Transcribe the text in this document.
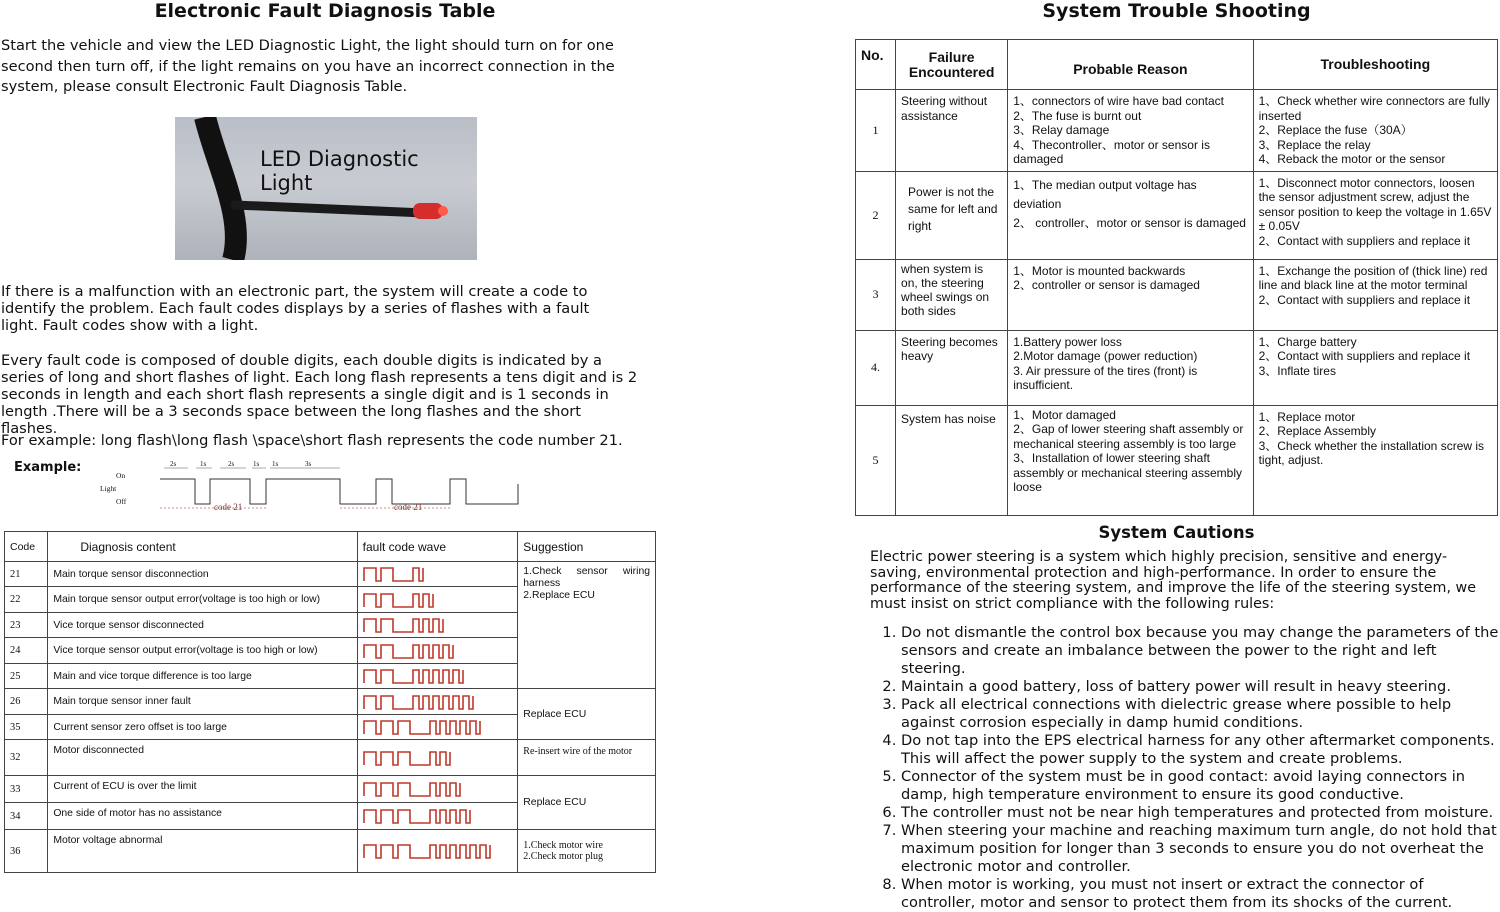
Electronic Fault Diagnosis Table

Start the vehicle and view the LED Diagnostic Light, the light should turn on for one second then turn off, if the light remains on you have an incorrect connection in the system, please consult Electronic Fault Diagnosis Table.

LED Diagnostic Light

If there is a malfunction with an electronic part, the system will create a code to identify the problem. Each fault codes displays by a series of flashes with a fault light. Fault codes show with a light.

Every fault code is composed of double digits, each double digits is indicated by a series of long and short flashes of light. Each long flash represents a tens digit and is 2 seconds in length and each short flash represents a single digit and is 1 seconds in length .There will be a 3 seconds space between the long flashes and the short flashes.

For example: long flash\long flash \space\short flash represents the code number 21.

Example:
On
Light
Off
2s	1s	2s	1s 1s	3s
code 21	code 21
Code	Diagnosis content	fault code wave	Suggestion
21	Main torque sensor disconnection		1.Check sensor wiring harness
2.Replace ECU
22	Main torque sensor output error(voltage is too high or low)	

23	Vice torque sensor disconnected	

24	Vice torque sensor output error(voltage is too high or low)	

25	Main and vice torque difference is too large	

26	Main torque sensor inner fault		Replace ECU
35	Current sensor zero offset is too large	

32	Motor disconnected		Re-insert wire of the motor
33	Current of ECU is over the limit		Replace ECU
34	One side of motor has no assistance	

36	Motor voltage abnormal		1.Check motor wire
2.Check motor plug
System Trouble Shooting
No.	Failure
Encountered	Probable Reason	Troubleshooting
1	Steering without assistance	1、connectors of wire have bad contact
2、The fuse is burnt out
3、Relay damage
4、Thecontroller、motor or sensor is damaged	1、Check whether wire connectors are fully inserted
2、Replace the fuse（30A）
3、Replace the relay
4、Reback the motor or the sensor
2	Power is not the same for left and right	1、The median output voltage has deviation
2、 controller、motor or sensor is damaged	1、Disconnect motor connectors, loosen the sensor adjustment screw, adjust the sensor position to keep the voltage in 1.65V ± 0.05V
2、Contact with suppliers and replace it
3	when system is on, the steering wheel swings on both sides	1、Motor is mounted backwards
2、controller or sensor is damaged	1、Exchange the position of (thick line) red line and black line at the motor terminal
2、Contact with suppliers and replace it
4.	Steering becomes heavy	1.Battery power loss
2.Motor damage (power reduction)
3. Air pressure of the tires (front) is insufficient.	1、Charge battery
2、Contact with suppliers and replace it
3、Inflate tires
5	System has noise	1、Motor damaged
2、Gap of lower steering shaft assembly or mechanical steering assembly is too large
3、Installation of lower steering shaft assembly or mechanical steering assembly loose	1、Replace motor
2、Replace Assembly
3、Check whether the installation screw is tight, adjust.
System Cautions

Electric power steering is a system which highly precision, sensitive and energy-saving, environmental protection and high-performance. In order to ensure the performance of the steering system, and improve the life of the steering system, we must insist on strict compliance with the following rules:

1. Do not dismantle the control box because you may change the parameters of the sensors and create an imbalance between the power to the right and left steering.
2. Maintain a good battery, loss of battery power will result in heavy steering.
3. Pack all electrical connections with dielectric grease where possible to help against corrosion especially in damp humid conditions.
4. Do not tap into the EPS electrical harness for any other aftermarket components. This will affect the power supply to the system and create problems.
5. Connector of the system must be in good contact: avoid laying connectors in damp, high temperature environment to ensure its good conductive.
6. The controller must not be near high temperatures and protected from moisture.
7. When steering your machine and reaching maximum turn angle, do not hold that maximum position for longer than 3 seconds to ensure you do not overheat the electronic motor and controller.
8. When motor is working, you must not insert or extract the connector of controller, motor and sensor to protect them from its shocks of the current.
